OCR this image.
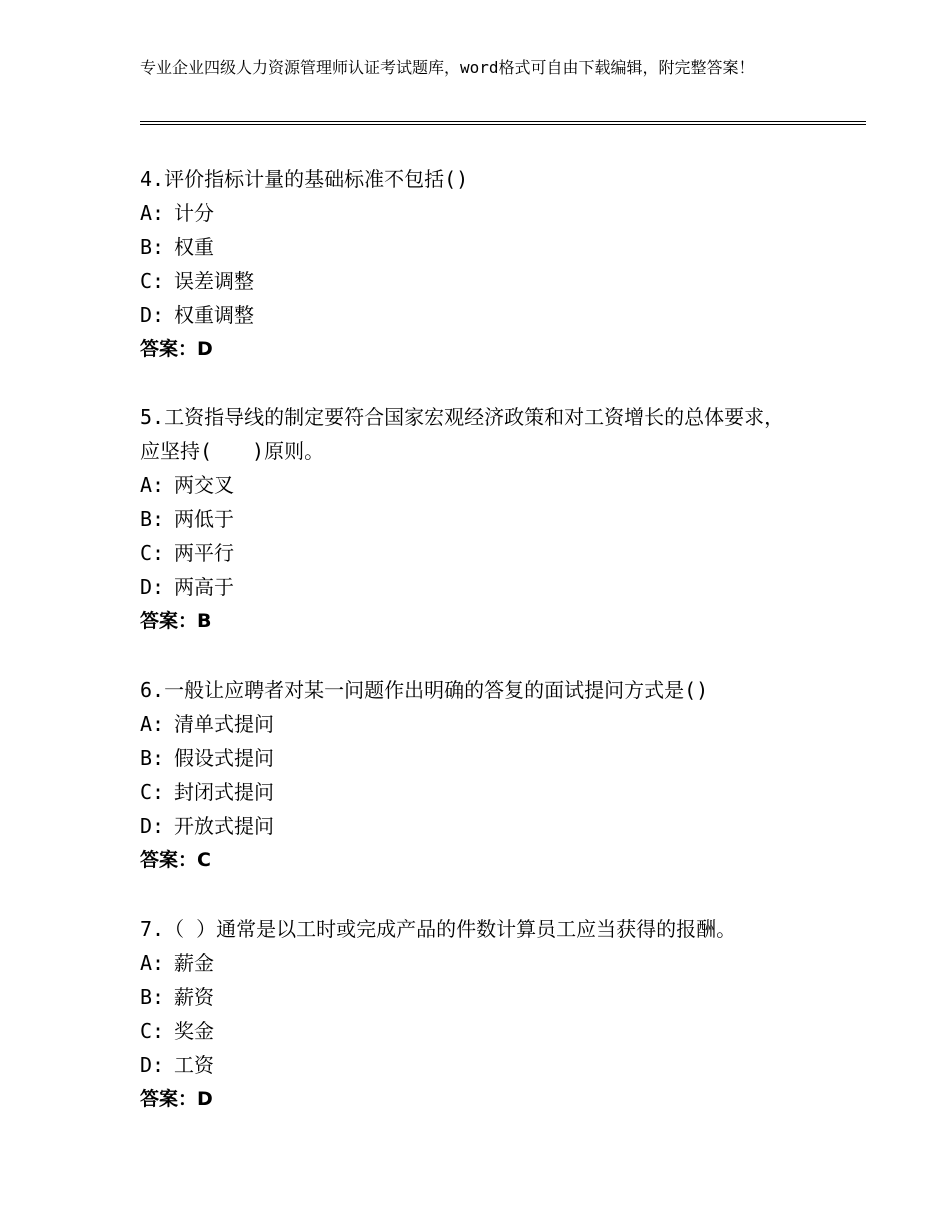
专业企业四级人力资源管理师认证考试题库，word格式可自由下载编辑，附完整答案！
4.评价指标计量的基础标准不包括()
A: 计分
B: 权重
C: 误差调整
D: 权重调整
答案：D
5.工资指导线的制定要符合国家宏观经济政策和对工资增长的总体要求，应坚持(　　)原则。
A: 两交叉
B: 两低于
C: 两平行
D: 两高于
答案：B
6.一般让应聘者对某一问题作出明确的答复的面试提问方式是()
A: 清单式提问
B: 假设式提问
C: 封闭式提问
D: 开放式提问
答案：C
7.（ ）通常是以工时或完成产品的件数计算员工应当获得的报酬。
A: 薪金
B: 薪资
C: 奖金
D: 工资
答案：D
